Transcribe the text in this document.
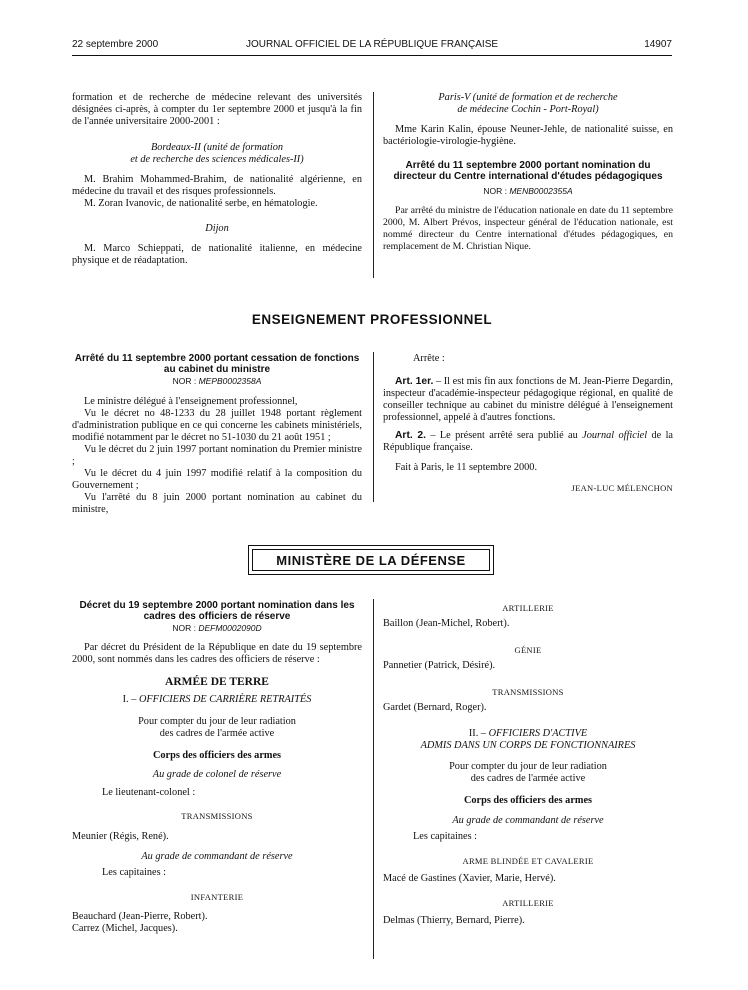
22 septembre 2000	JOURNAL OFFICIEL DE LA RÉPUBLIQUE FRANÇAISE	14907

formation et de recherche de médecine relevant des universités désignées ci-après, à compter du 1er septembre 2000 et jusqu'à la fin de l'année universitaire 2000-2001 :

Bordeaux-II (unité de formation

et de recherche des sciences médicales-II)

M. Brahim Mohammed-Brahim, de nationalité algérienne, en médecine du travail et des risques professionnels.

M. Zoran Ivanovic, de nationalité serbe, en hématologie.

Dijon

M. Marco Schieppati, de nationalité italienne, en médecine physique et de réadaptation.

Paris-V (unité de formation et de recherche

de médecine Cochin - Port-Royal)

Mme Karin Kalin, épouse Neuner-Jehle, de nationalité suisse, en bactériologie-virologie-hygiène.

Arrêté du 11 septembre 2000 portant nomination du directeur du Centre international d'études pédagogiques

NOR : MENB0002355A

Par arrêté du ministre de l'éducation nationale en date du 11 septembre 2000, M. Albert Prévos, inspecteur général de l'éducation nationale, est nommé directeur du Centre international d'études pédagogiques, en remplacement de M. Christian Nique.

ENSEIGNEMENT PROFESSIONNEL

Arrêté du 11 septembre 2000 portant cessation de fonctions au cabinet du ministre

NOR : MEPB0002358A

Le ministre délégué à l'enseignement professionnel,

Vu le décret no 48-1233 du 28 juillet 1948 portant règlement d'administration publique en ce qui concerne les cabinets ministériels, modifié notamment par le décret no 51-1030 du 21 août 1951 ;

Vu le décret du 2 juin 1997 portant nomination du Premier ministre ;

Vu le décret du 4 juin 1997 modifié relatif à la composition du Gouvernement ;

Vu l'arrêté du 8 juin 2000 portant nomination au cabinet du ministre,

Arrête :

Art. 1er. – Il est mis fin aux fonctions de M. Jean-Pierre Degardin, inspecteur d'académie-inspecteur pédagogique régional, en qualité de conseiller technique au cabinet du ministre délégué à l'enseignement professionnel, appelé à d'autres fonctions.

Art. 2. – Le présent arrêté sera publié au Journal officiel de la République française.

Fait à Paris, le 11 septembre 2000.

JEAN-LUC MÉLENCHON

MINISTÈRE DE LA DÉFENSE

Décret du 19 septembre 2000 portant nomination dans les cadres des officiers de réserve

NOR : DEFM0002090D

Par décret du Président de la République en date du 19 septembre 2000, sont nommés dans les cadres des officiers de réserve :

ARMÉE DE TERRE

I. – OFFICIERS DE CARRIÈRE RETRAITÉS

Pour compter du jour de leur radiation

des cadres de l'armée active

Corps des officiers des armes

Au grade de colonel de réserve

Le lieutenant-colonel :

TRANSMISSIONS

Meunier (Régis, René).

Au grade de commandant de réserve

Les capitaines :

INFANTERIE

Beauchard (Jean-Pierre, Robert).

Carrez (Michel, Jacques).

ARTILLERIE

Baillon (Jean-Michel, Robert).

GÉNIE

Pannetier (Patrick, Désiré).

TRANSMISSIONS

Gardet (Bernard, Roger).

II. – OFFICIERS D'ACTIVE

ADMIS DANS UN CORPS DE FONCTIONNAIRES

Pour compter du jour de leur radiation

des cadres de l'armée active

Corps des officiers des armes

Au grade de commandant de réserve

Les capitaines :

ARME BLINDÉE ET CAVALERIE

Macé de Gastines (Xavier, Marie, Hervé).

ARTILLERIE

Delmas (Thierry, Bernard, Pierre).
